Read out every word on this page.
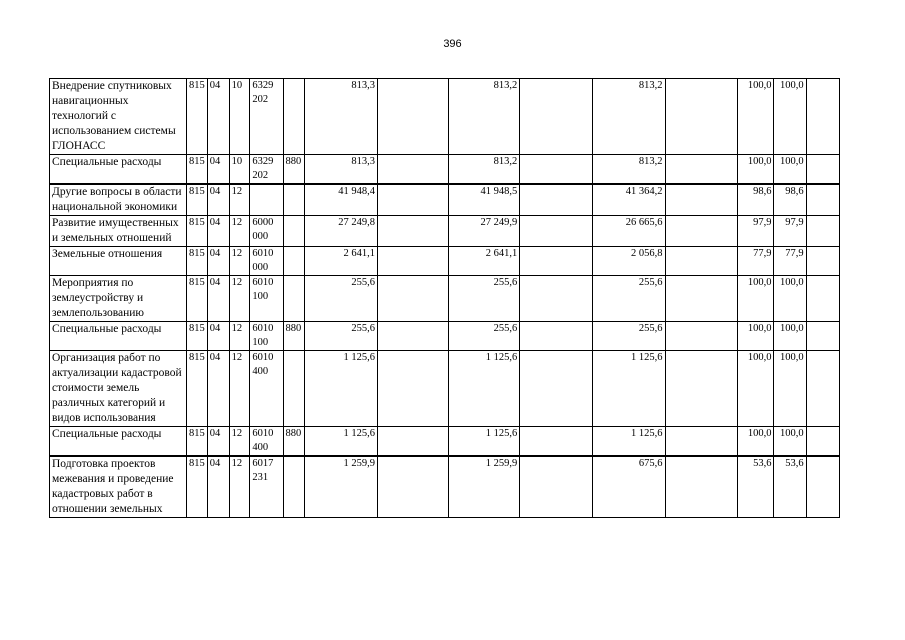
396
Внедрение спутниковых навигационных технологий с использованием системы ГЛОНАСС	815	04	10	6329 202		813,3		813,2		813,2		100,0	100,0	
Специальные расходы	815	04	10	6329 202	880	813,3		813,2		813,2		100,0	100,0	
Другие вопросы в области национальной экономики	815	04	12			41 948,4		41 948,5		41 364,2		98,6	98,6	
Развитие имущественных и земельных отношений	815	04	12	6000 000		27 249,8		27 249,9		26 665,6		97,9	97,9	
Земельные отношения	815	04	12	6010 000		2 641,1		2 641,1		2 056,8		77,9	77,9	
Мероприятия по землеустройству и землепользованию	815	04	12	6010 100		255,6		255,6		255,6		100,0	100,0	
Специальные расходы	815	04	12	6010 100	880	255,6		255,6		255,6		100,0	100,0	
Организация работ по актуализации кадастровой стоимости земель различных категорий и видов использования	815	04	12	6010 400		1 125,6		1 125,6		1 125,6		100,0	100,0	
Специальные расходы	815	04	12	6010 400	880	1 125,6		1 125,6		1 125,6		100,0	100,0	
Подготовка проектов межевания и проведение кадастровых работ в отношении земельных	815	04	12	6017 231		1 259,9		1 259,9		675,6		53,6	53,6	
